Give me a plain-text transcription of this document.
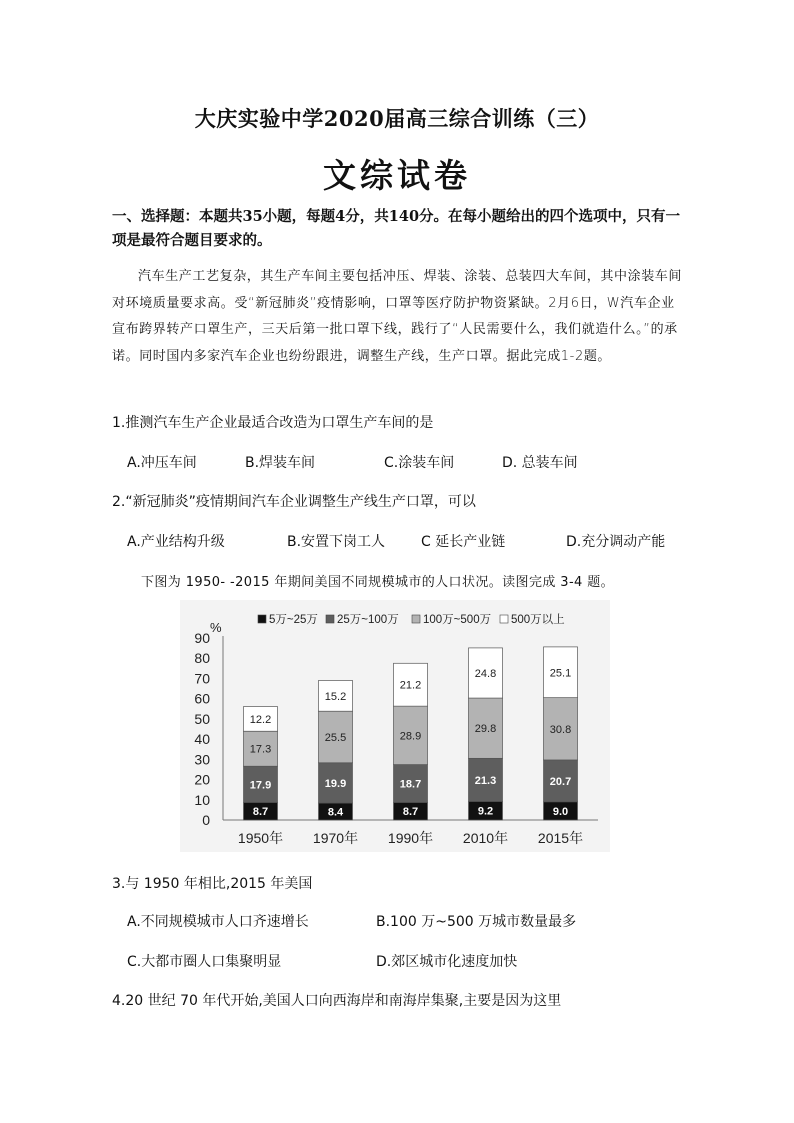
大庆实验中学2020届高三综合训练（三）
文综试卷
一、选择题：本题共35小题，每题4分，共140分。在每小题给出的四个选项中，只有一项是最符合题目要求的。
汽车生产工艺复杂，其生产车间主要包括冲压、焊装、涂装、总装四大车间，其中涂装车间对环境质量要求高。受“新冠肺炎”疫情影响，口罩等医疗防护物资紧缺。2月6日，W汽车企业宣布跨界转产口罩生产，三天后第一批口罩下线，践行了“人民需要什么，我们就造什么。”的承诺。同时国内多家汽车企业也纷纷跟进，调整生产线，生产口罩。据此完成1-2题。
1.推测汽车生产企业最适合改造为口罩生产车间的是
A.冲压车间	B.焊装车间	C.涂装车间	D. 总装车间
2.“新冠肺炎”疫情期间汽车企业调整生产线生产口罩，可以
A.产业结构升级	B.安置下岗工人	C 延长产业链	D.充分调动产能
下图为 1950- -2015 年期间美国不同规模城市的人口状况。读图完成 3-4 题。
%
0
10
20
30
40
50
60
70
80
90
5万~25万 25万~100万 100万~500万 500万以上
8.7
17.9
17.3
12.2
1950年
8.4
19.9
25.5
15.2
1970年
8.7
18.7
28.9
21.2
1990年
9.2
21.3
29.8
24.8
2010年
9.0
20.7
30.8
25.1
2015年
3.与 1950 年相比,2015 年美国
A.不同规模城市人口齐速增长	B.100 万~500 万城市数量最多
C.大都市圈人口集聚明显	D.郊区城市化速度加快
4.20 世纪 70 年代开始,美国人口向西海岸和南海岸集聚,主要是因为这里
